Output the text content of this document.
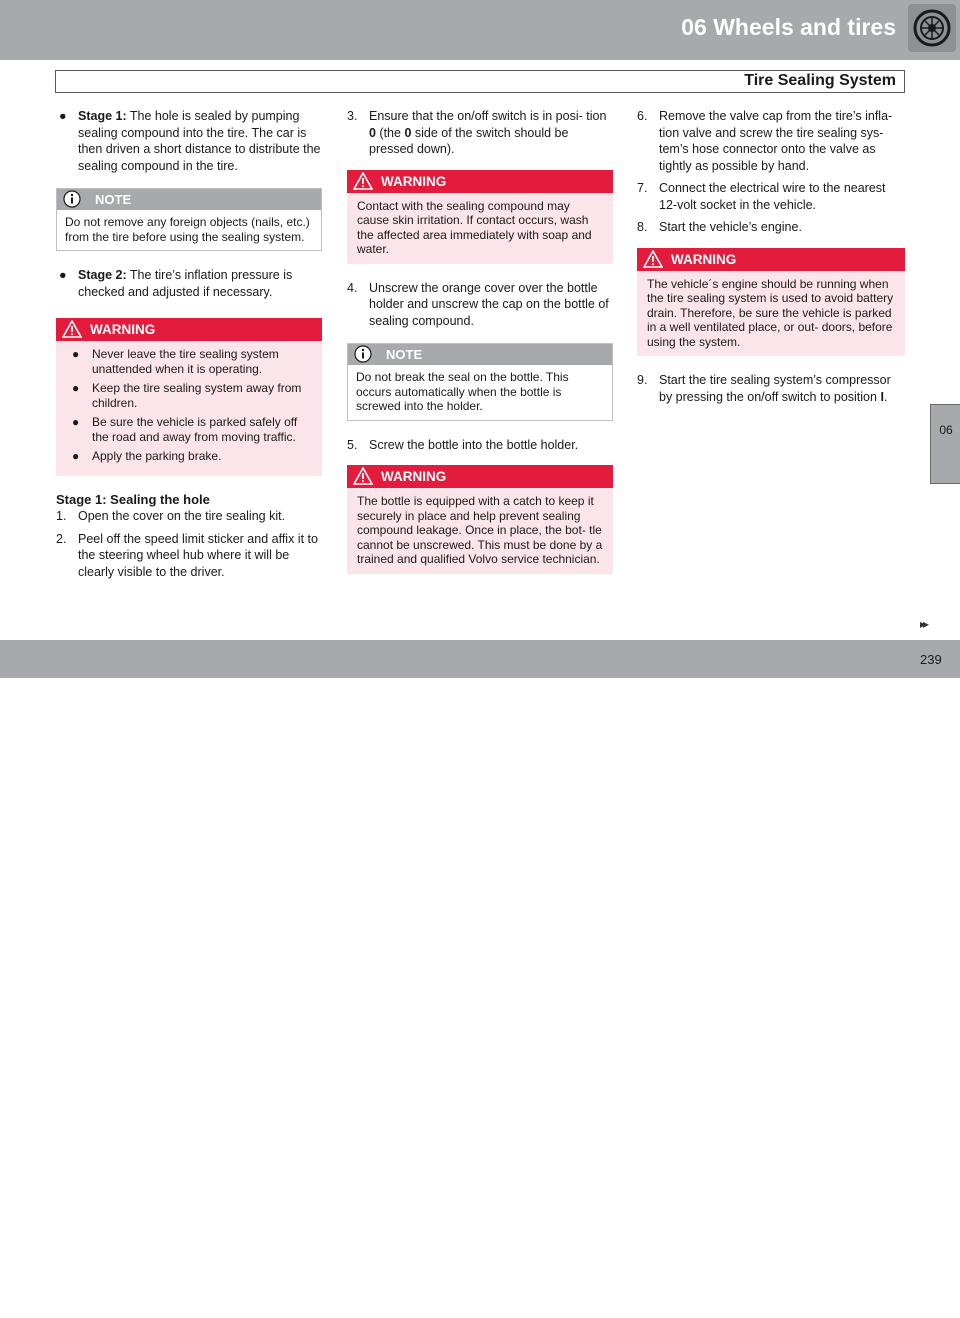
06 Wheels and tires
Tire Sealing System
● Stage 1: The hole is sealed by pumping sealing compound into the tire. The car is then driven a short distance to distribute the sealing compound in the tire.
NOTE
Do not remove any foreign objects (nails, etc.) from the tire before using the sealing system.
● Stage 2: The tire’s inflation pressure is checked and adjusted if necessary.
WARNING
● Never leave the tire sealing system unattended when it is operating.
● Keep the tire sealing system away from children.
● Be sure the vehicle is parked safely off the road and away from moving traffic.
● Apply the parking brake.
Stage 1: Sealing the hole
1. Open the cover on the tire sealing kit.
2. Peel off the speed limit sticker and affix it to the steering wheel hub where it will be clearly visible to the driver.
3. Ensure that the on/off switch is in posi- tion 0 (the 0 side of the switch should be pressed down).
WARNING
Contact with the sealing compound may cause skin irritation. If contact occurs, wash the affected area immediately with soap and water.
4. Unscrew the orange cover over the bottle holder and unscrew the cap on the bottle of sealing compound.
NOTE
Do not break the seal on the bottle. This occurs automatically when the bottle is screwed into the holder.
5. Screw the bottle into the bottle holder.
WARNING
The bottle is equipped with a catch to keep it securely in place and help prevent sealing compound leakage. Once in place, the bot- tle cannot be unscrewed. This must be done by a trained and qualified Volvo service technician.
6. Remove the valve cap from the tire’s infla- tion valve and screw the tire sealing sys- tem’s hose connector onto the valve as tightly as possible by hand.
7. Connect the electrical wire to the nearest 12-volt socket in the vehicle.
8. Start the vehicle’s engine.
WARNING
The vehicle´s engine should be running when the tire sealing system is used to avoid battery drain. Therefore, be sure the vehicle is parked in a well ventilated place, or out- doors, before using the system.
9. Start the tire sealing system’s compressor by pressing the on/off switch to position I.
06
▸▸
carmanualsonline.info
239
